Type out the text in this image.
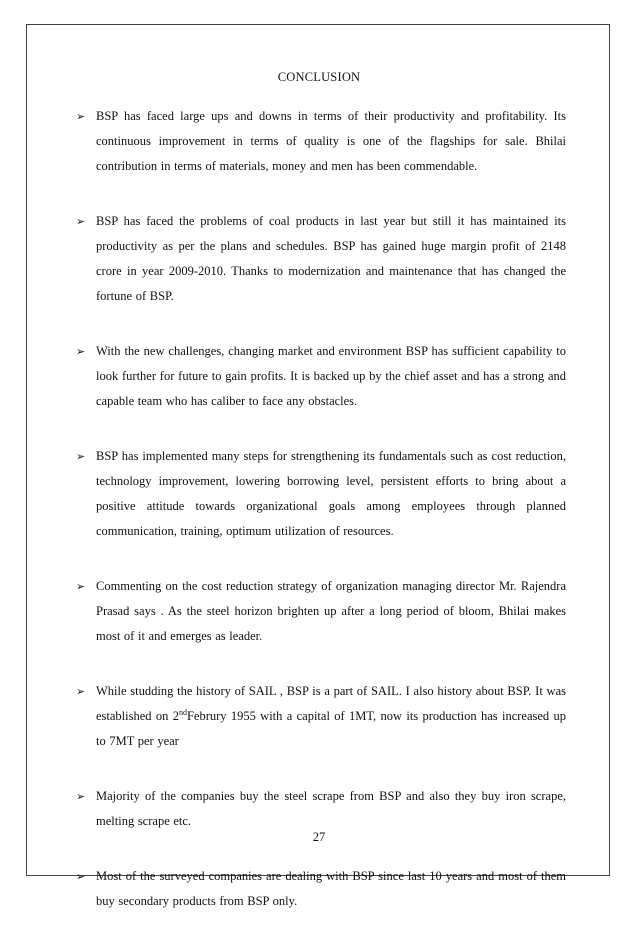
CONCLUSION
➢ BSP has faced large ups and downs in terms of their productivity and profitability. Its continuous improvement in terms of quality is one of the flagships for sale. Bhilai contribution in terms of materials, money and men has been commendable.
➢ BSP has faced the problems of coal products in last year but still it has maintained its productivity as per the plans and schedules. BSP has gained huge margin profit of 2148 crore in year 2009-2010. Thanks to modernization and maintenance that has changed the fortune of BSP.
➢ With the new challenges, changing market and environment BSP has sufficient capability to look further for future to gain profits. It is backed up by the chief asset and has a strong and capable team who has caliber to face any obstacles.
➢ BSP has implemented many steps for strengthening its fundamentals such as cost reduction, technology improvement, lowering borrowing level, persistent efforts to bring about a positive attitude towards organizational goals among employees through planned communication, training, optimum utilization of resources.
➢ Commenting on the cost reduction strategy of organization managing director Mr. Rajendra Prasad says . As the steel horizon brighten up after a long period of bloom, Bhilai makes most of it and emerges as leader.
➢ While studding the history of SAIL , BSP is a part of SAIL. I also history about BSP. It was established on 2ndFebrury 1955 with a capital of 1MT, now its production has increased up to 7MT per year
➢ Majority of the companies buy the steel scrape from BSP and also they buy iron scrape, melting scrape etc.
➢ Most of the surveyed companies are dealing with BSP since last 10 years and most of them buy secondary products from BSP only.
27
